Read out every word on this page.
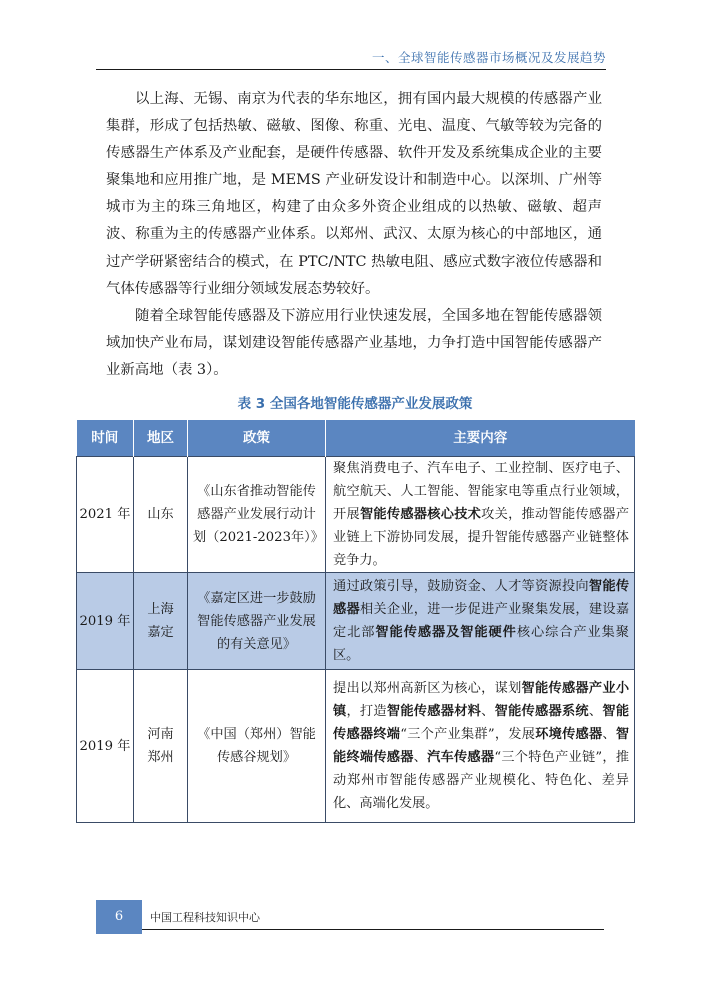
一、全球智能传感器市场概况及发展趋势

以上海、无锡、南京为代表的华东地区，拥有国内最大规模的传感器产业集群，形成了包括热敏、磁敏、图像、称重、光电、温度、气敏等较为完备的传感器生产体系及产业配套，是硬件传感器、软件开发及系统集成企业的主要聚集地和应用推广地，是 MEMS 产业研发设计和制造中心。以深圳、广州等城市为主的珠三角地区，构建了由众多外资企业组成的以热敏、磁敏、超声波、称重为主的传感器产业体系。以郑州、武汉、太原为核心的中部地区，通过产学研紧密结合的模式，在 PTC/NTC 热敏电阻、感应式数字液位传感器和气体传感器等行业细分领域发展态势较好。

随着全球智能传感器及下游应用行业快速发展，全国多地在智能传感器领域加快产业布局，谋划建设智能传感器产业基地，力争打造中国智能传感器产业新高地（表 3）。

表 3 全国各地智能传感器产业发展政策
时间	地区	政策	主要内容
2021 年	山东	《山东省推动智能传感器产业发展行动计划（2021-2023年）》	聚焦消费电子、汽车电子、工业控制、医疗电子、航空航天、人工智能、智能家电等重点行业领域，开展智能传感器核心技术攻关，推动智能传感器产业链上下游协同发展，提升智能传感器产业链整体竞争力。
2019 年	上海嘉定	《嘉定区进一步鼓励智能传感器产业发展的有关意见》	通过政策引导，鼓励资金、人才等资源投向智能传感器相关企业，进一步促进产业聚集发展，建设嘉定北部智能传感器及智能硬件核心综合产业集聚区。
2019 年	河南郑州	《中国（郑州）智能传感谷规划》	提出以郑州高新区为核心，谋划智能传感器产业小镇，打造智能传感器材料、智能传感器系统、智能传感器终端“三个产业集群”，发展环境传感器、智能终端传感器、汽车传感器“三个特色产业链”，推动郑州市智能传感器产业规模化、特色化、差异化、高端化发展。
6	中国工程科技知识中心
